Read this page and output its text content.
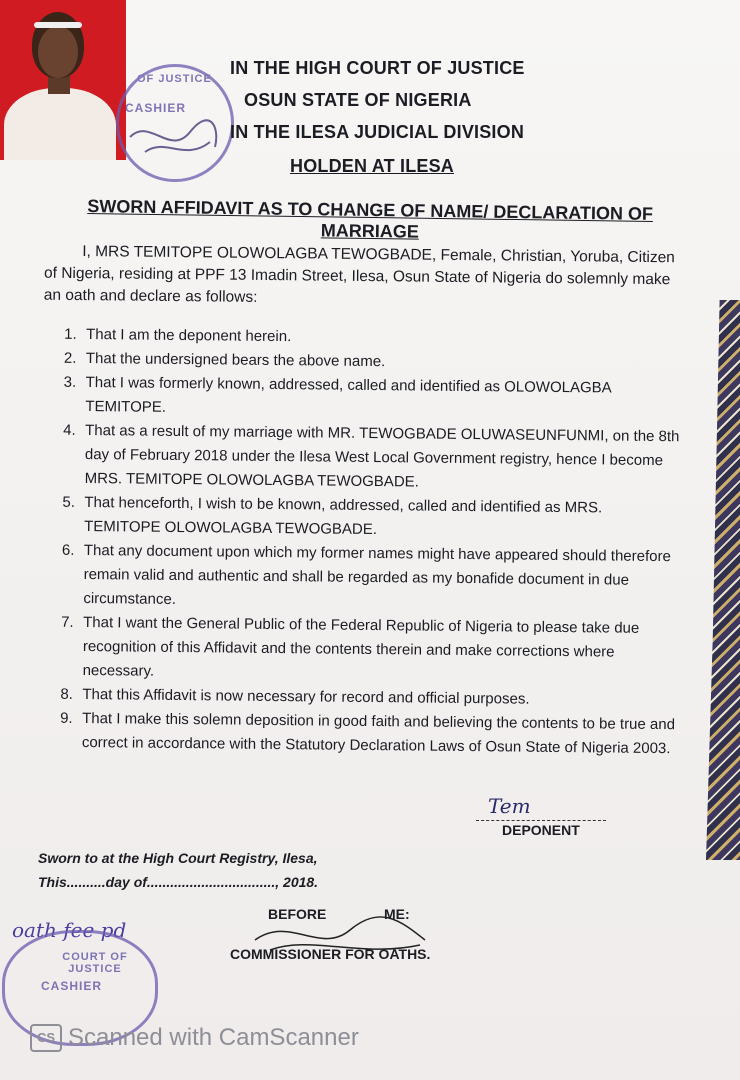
OF JUSTICE
CASHIER
IN THE HIGH COURT OF JUSTICE
OSUN STATE OF NIGERIA
IN THE ILESA JUDICIAL DIVISION
HOLDEN AT ILESA
SWORN AFFIDAVIT AS TO CHANGE OF NAME/ DECLARATION OF MARRIAGE
I, MRS TEMITOPE OLOWOLAGBA TEWOGBADE, Female, Christian, Yoruba, Citizen of Nigeria, residing at PPF 13 Imadin Street, Ilesa, Osun State of Nigeria do solemnly make an oath and declare as follows:
1. That I am the deponent herein.
2. That the undersigned bears the above name.
3. That I was formerly known, addressed, called and identified as OLOWOLAGBA TEMITOPE.
4. That as a result of my marriage with MR. TEWOGBADE OLUWASEUNFUNMI, on the 8th day of February 2018 under the Ilesa West Local Government registry, hence I become MRS. TEMITOPE OLOWOLAGBA TEWOGBADE.
5. That henceforth, I wish to be known, addressed, called and identified as MRS. TEMITOPE OLOWOLAGBA TEWOGBADE.
6. That any document upon which my former names might have appeared should therefore remain valid and authentic and shall be regarded as my bonafide document in due circumstance.
7. That I want the General Public of the Federal Republic of Nigeria to please take due recognition of this Affidavit and the contents therein and make corrections where necessary.
8. That this Affidavit is now necessary for record and official purposes.
9. That I make this solemn deposition in good faith and believing the contents to be true and correct in accordance with the Statutory Declaration Laws of Osun State of Nigeria 2003.
Tem
DEPONENT
Sworn to at the High Court Registry, Ilesa,
This..........day of................................., 2018.
BEFORE	ME:
COMMISSIONER FOR OATHS.
oath fee pd
COURT OF JUSTICE
CASHIER
CS Scanned with CamScanner
